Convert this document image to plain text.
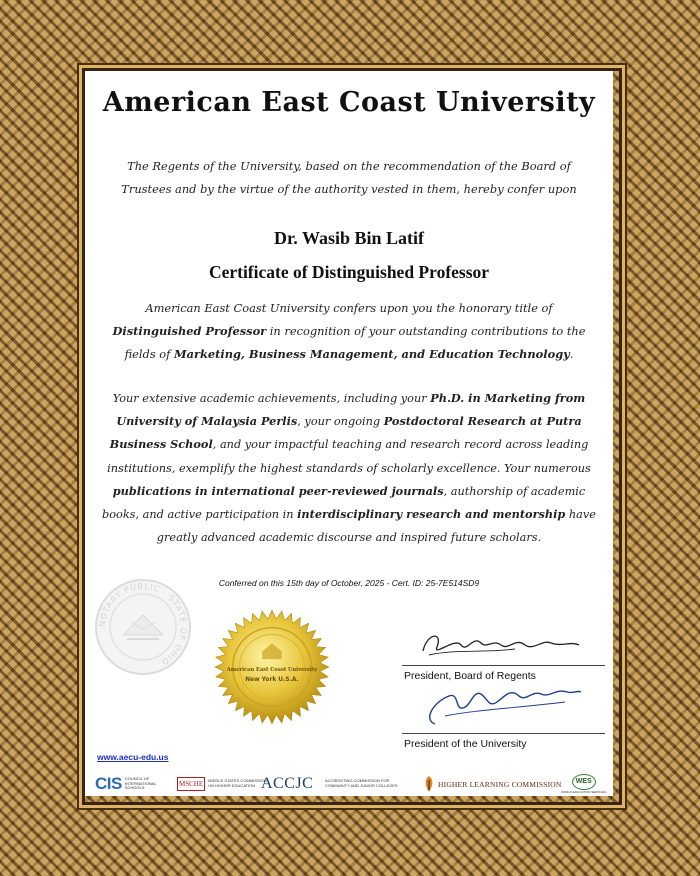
American East Coast University
The Regents of the University, based on the recommendation of the Board of Trustees and by the virtue of the authority vested in them, hereby confer upon
Dr. Wasib Bin Latif
Certificate of Distinguished Professor
American East Coast University confers upon you the honorary title of Distinguished Professor in recognition of your outstanding contributions to the fields of Marketing, Business Management, and Education Technology.
Your extensive academic achievements, including your Ph.D. in Marketing from University of Malaysia Perlis, your ongoing Postdoctoral Research at Putra Business School, and your impactful teaching and research record across leading institutions, exemplify the highest standards of scholarly excellence. Your numerous publications in international peer-reviewed journals, authorship of academic books, and active participation in interdisciplinary research and mentorship have greatly advanced academic discourse and inspired future scholars.
Conferred on this 15th day of October, 2025 - Cert. ID: 25-7E514SD9
NOTARY PUBLIC · STATE OF OHIO
American East Coast University
New York U.S.A.	President, Board of Regents
President of the University
www.aecu-edu.us
CIS COUNCIL OF INTERNATIONAL SCHOOLS	MSCHE	MIDDLE STATES COMMISSION ON HIGHER EDUCATION ACCJC	ACCREDITING COMMISSION FOR COMMUNITY AND JUNIOR COLLEGES	HIGHER LEARNING COMMISSION	WES
WORLD EDUCATION SERVICES
